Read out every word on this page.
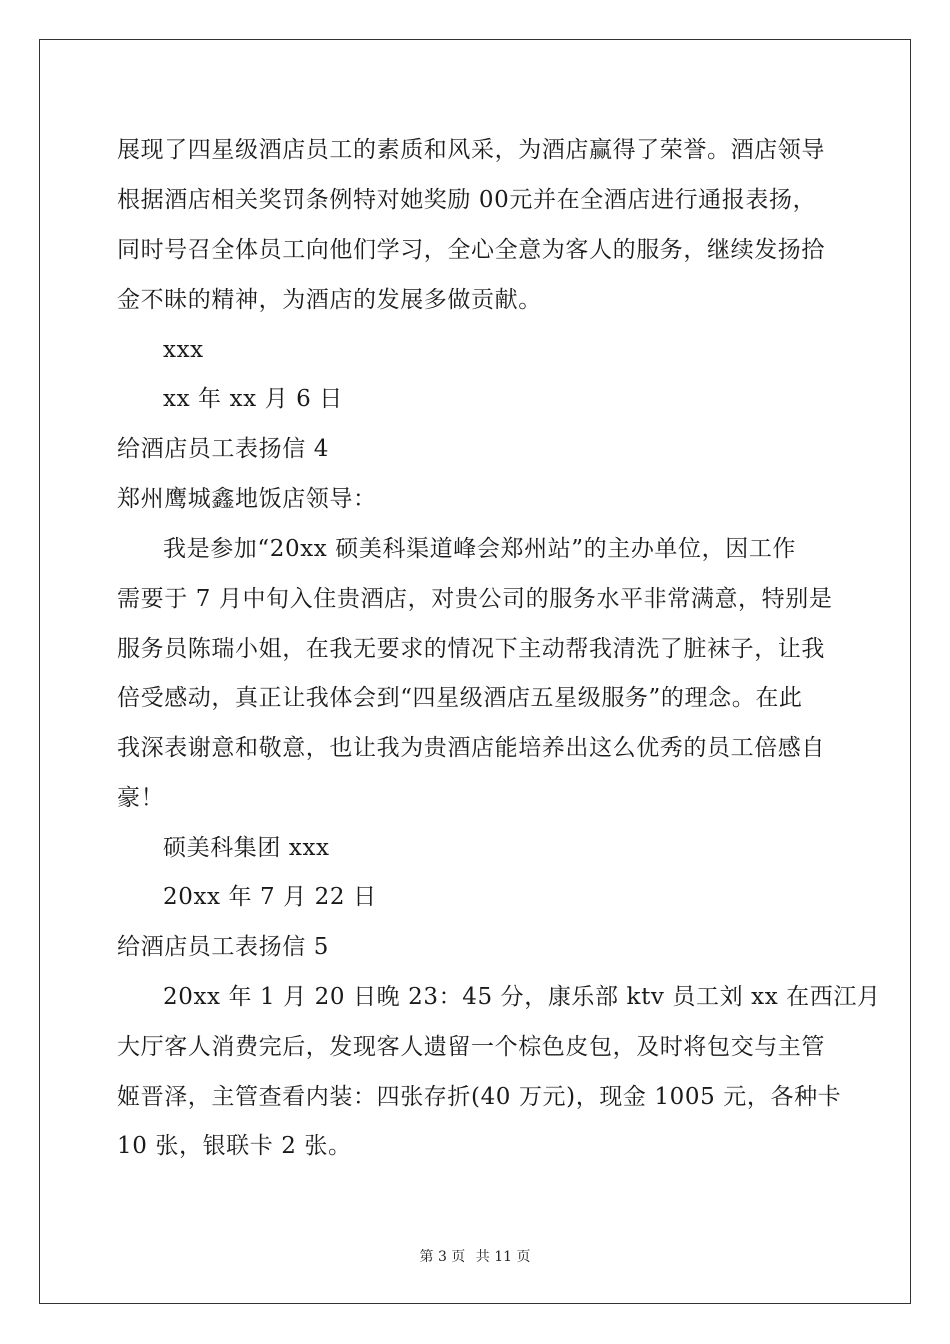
展现了四星级酒店员工的素质和风采，为酒店赢得了荣誉。酒店领导
根据酒店相关奖罚条例特对她奖励 00元并在全酒店进行通报表扬，
同时号召全体员工向他们学习，全心全意为客人的服务，继续发扬拾
金不昧的精神，为酒店的发展多做贡献。
xxx
xx 年 xx 月 6 日
给酒店员工表扬信 4
郑州鹰城鑫地饭店领导：
我是参加“20xx 硕美科渠道峰会郑州站”的主办单位，因工作
需要于 7 月中旬入住贵酒店，对贵公司的服务水平非常满意，特别是
服务员陈瑞小姐，在我无要求的情况下主动帮我清洗了脏袜子，让我
倍受感动，真正让我体会到“四星级酒店五星级服务”的理念。在此
我深表谢意和敬意，也让我为贵酒店能培养出这么优秀的员工倍感自
豪！
硕美科集团 xxx
20xx 年 7 月 22 日
给酒店员工表扬信 5
20xx 年 1 月 20 日晚 23：45 分，康乐部 ktv 员工刘 xx 在西江月
大厅客人消费完后，发现客人遗留一个棕色皮包，及时将包交与主管
姬晋泽，主管查看内装：四张存折(40 万元)，现金 1005 元，各种卡
10 张，银联卡 2 张。
第 3 页 共 11 页
